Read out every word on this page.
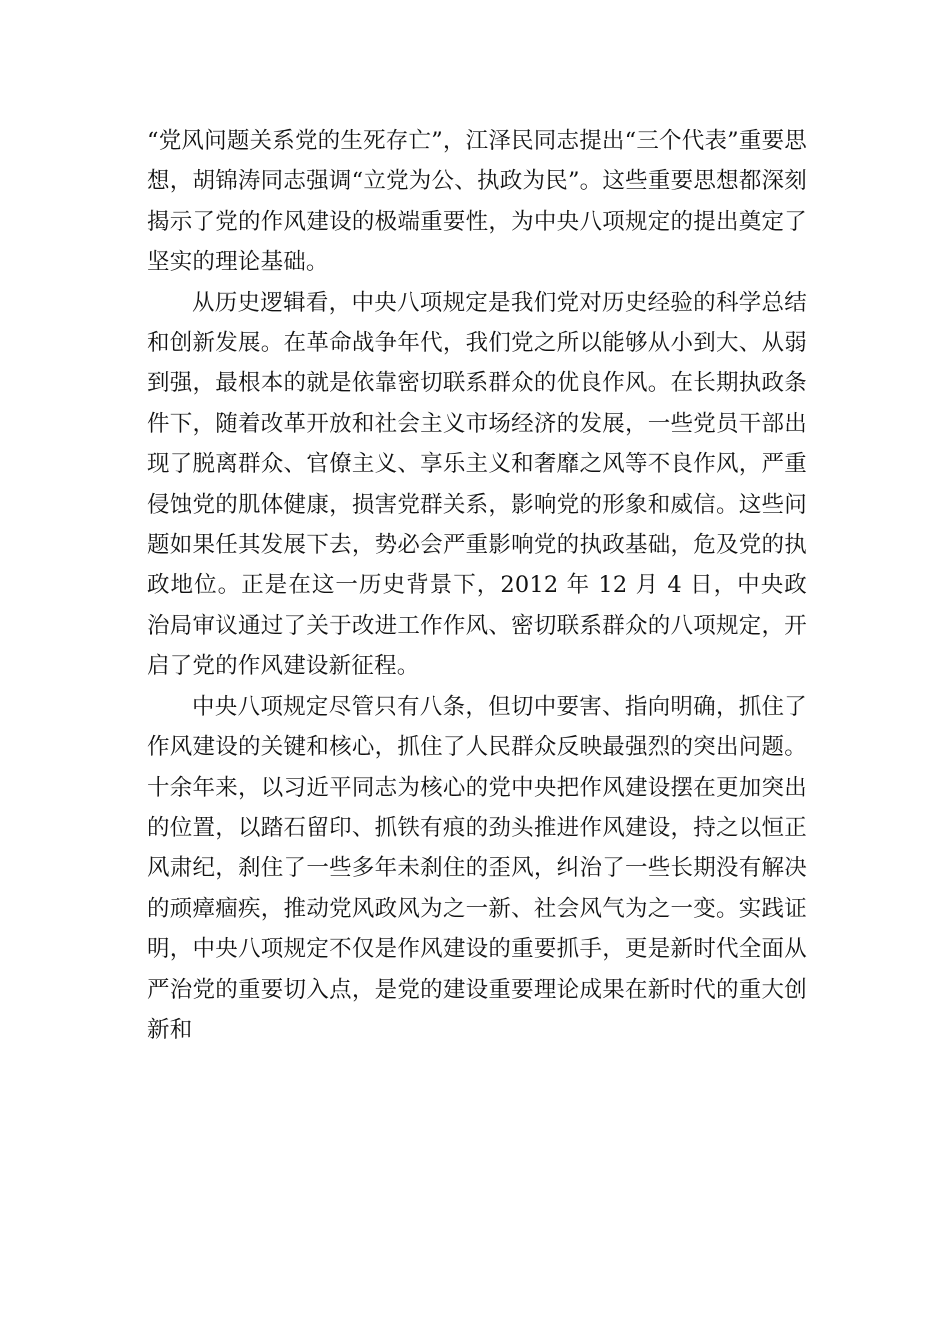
“党风问题关系党的生死存亡”，江泽民同志提出“三个代表”重要思想，胡锦涛同志强调“立党为公、执政为民”。这些重要思想都深刻揭示了党的作风建设的极端重要性，为中央八项规定的提出奠定了坚实的理论基础。

从历史逻辑看，中央八项规定是我们党对历史经验的科学总结和创新发展。在革命战争年代，我们党之所以能够从小到大、从弱到强，最根本的就是依靠密切联系群众的优良作风。在长期执政条件下，随着改革开放和社会主义市场经济的发展，一些党员干部出现了脱离群众、官僚主义、享乐主义和奢靡之风等不良作风，严重侵蚀党的肌体健康，损害党群关系，影响党的形象和威信。这些问题如果任其发展下去，势必会严重影响党的执政基础，危及党的执政地位。正是在这一历史背景下，2012 年 12 月 4 日，中央政治局审议通过了关于改进工作作风、密切联系群众的八项规定，开启了党的作风建设新征程。

中央八项规定尽管只有八条，但切中要害、指向明确，抓住了作风建设的关键和核心，抓住了人民群众反映最强烈的突出问题。十余年来，以习近平同志为核心的党中央把作风建设摆在更加突出的位置，以踏石留印、抓铁有痕的劲头推进作风建设，持之以恒正风肃纪，刹住了一些多年未刹住的歪风，纠治了一些长期没有解决的顽瘴痼疾，推动党风政风为之一新、社会风气为之一变。实践证明，中央八项规定不仅是作风建设的重要抓手，更是新时代全面从严治党的重要切入点，是党的建设重要理论成果在新时代的重大创新和
